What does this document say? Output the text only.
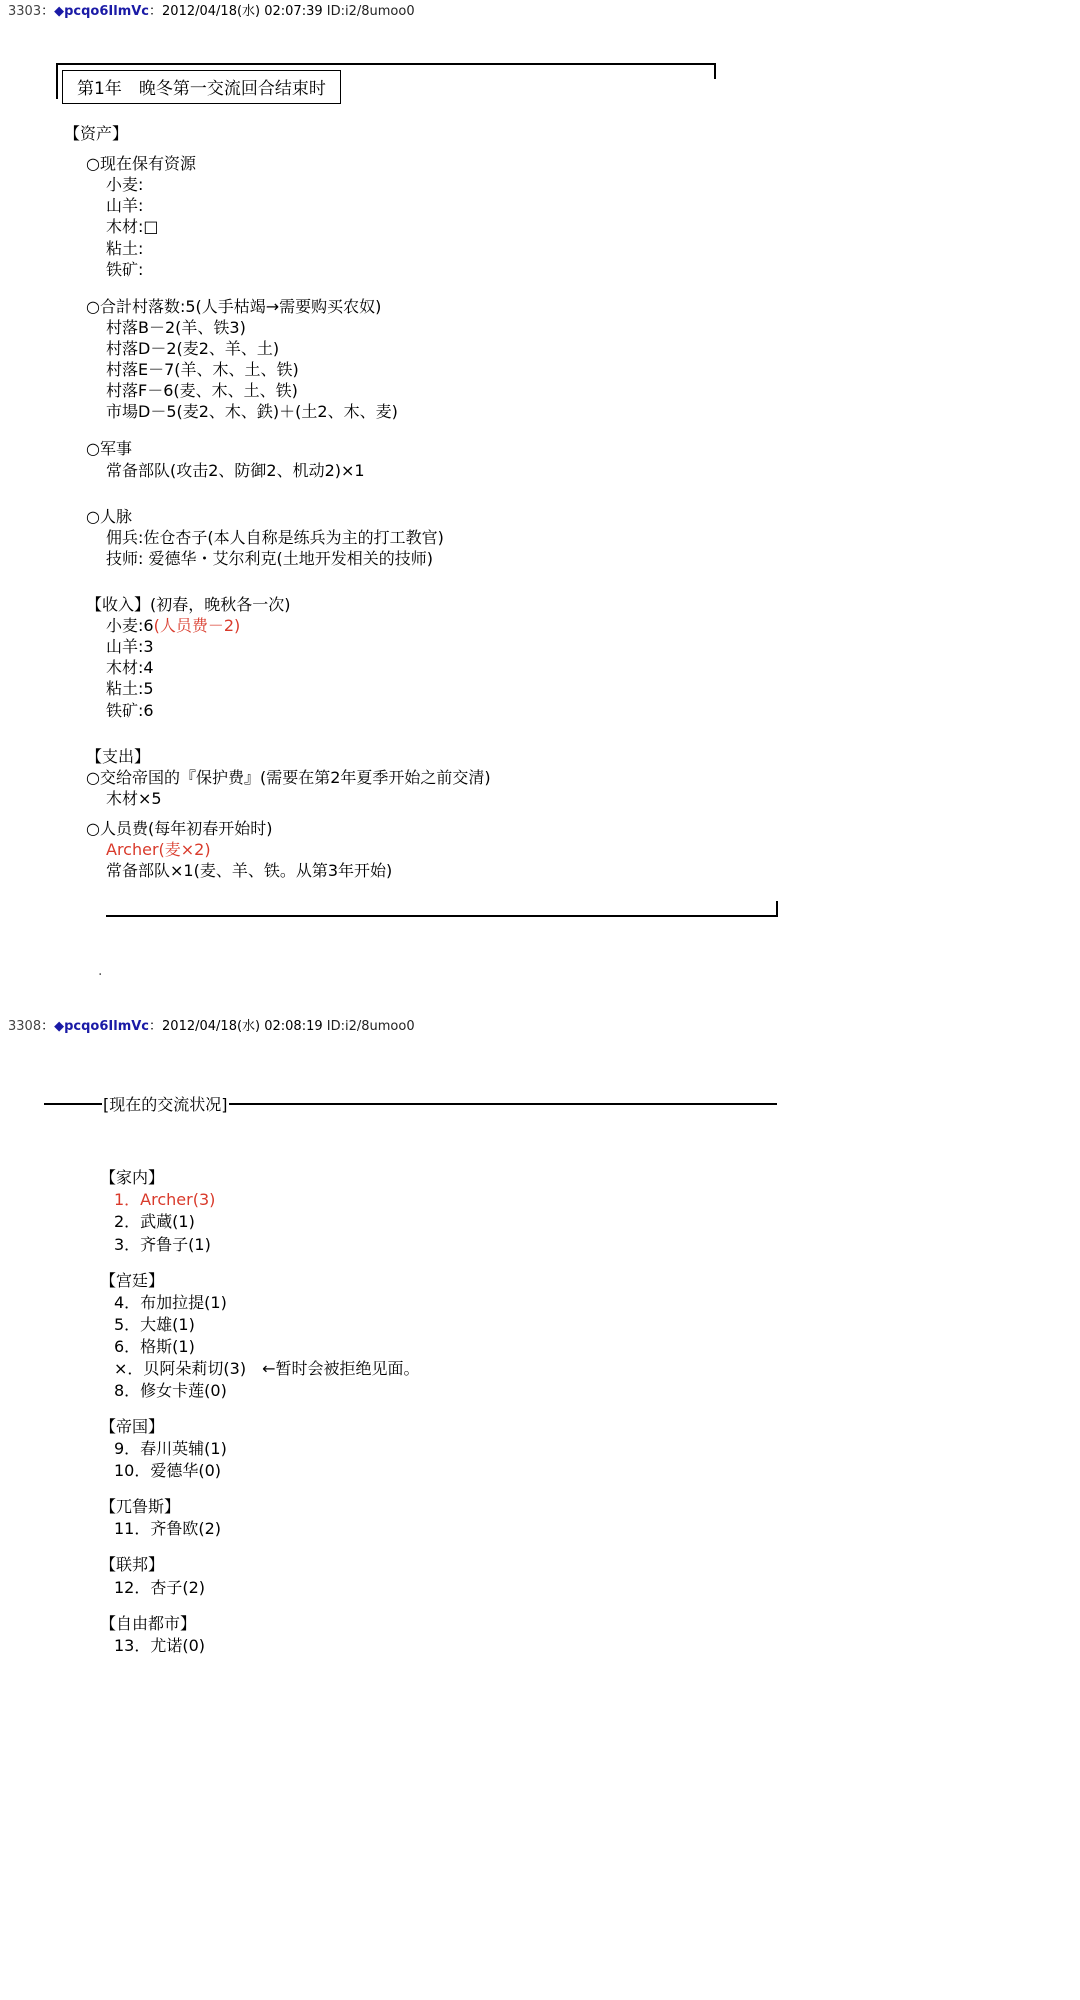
3303：◆pcqo6IlmVc：2012/04/18(水) 02:07:39 ID:i2/8umoo0
第1年　晚冬第一交流回合结束时
【资产】
○现在保有资源
小麦:
山羊:
木材:□
粘土:
铁矿:
○合計村落数:5(人手枯竭→需要购买农奴)
村落B－2(羊、铁3)
村落D－2(麦2、羊、土)
村落E－7(羊、木、土、铁)
村落F－6(麦、木、土、铁)
市場D－5(麦2、木、鉄)＋(土2、木、麦)
○军事
常备部队(攻击2、防御2、机动2)×1
○人脉
佣兵:佐仓杏子(本人自称是练兵为主的打工教官)
技师: 爱德华・艾尔利克(土地开发相关的技师)
【收入】(初春，晚秋各一次)
小麦:6(人员费－2)
山羊:3
木材:4
粘土:5
铁矿:6
【支出】
○交给帝国的『保护费』(需要在第2年夏季开始之前交清)
木材×5
○人员费(每年初春开始时)
Archer(麦×2)
常备部队×1(麦、羊、铁。从第3年开始)
.
3308：◆pcqo6IlmVc：2012/04/18(水) 02:08:19 ID:i2/8umoo0
[现在的交流状况]
【家内】
1．Archer(3)
2．武蔵(1)
3．齐鲁子(1)
【宫廷】
4．布加拉提(1)
5．大雄(1)
6．格斯(1)
×．贝阿朵莉切(3)　←暂时会被拒绝见面。
8．修女卡莲(0)
【帝国】
9．春川英辅(1)
10．爱德华(0)
【兀鲁斯】
11．齐鲁欧(2)
【联邦】
12．杏子(2)
【自由都市】
13．尤诺(0)
